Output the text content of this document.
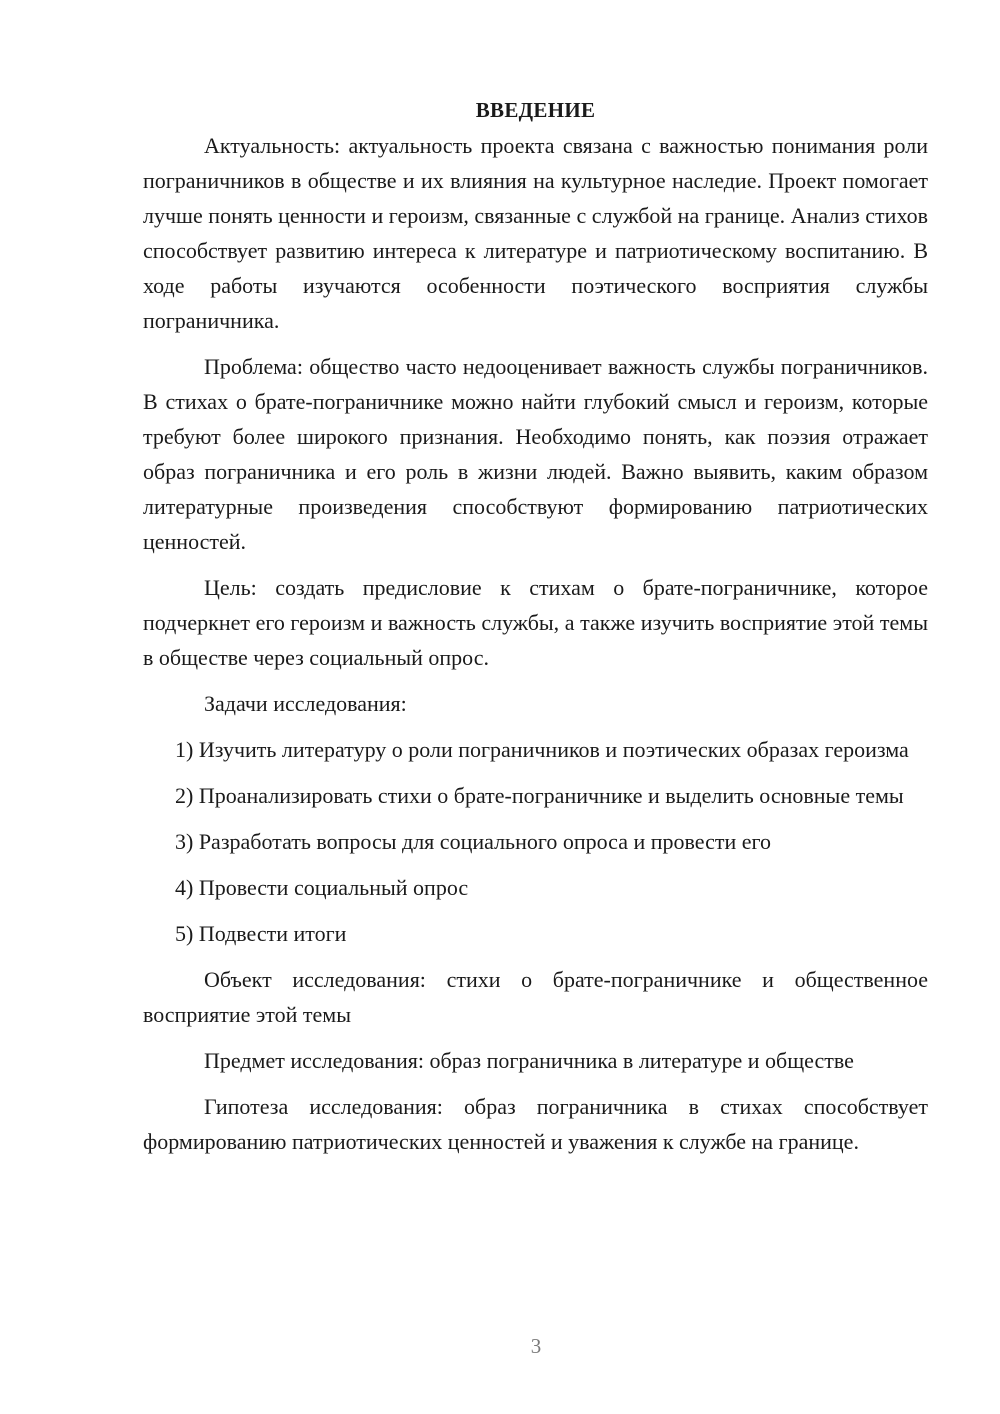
ВВЕДЕНИЕ

Актуальность: актуальность проекта связана с важностью понимания роли пограничников в обществе и их влияния на культурное наследие. Проект помогает лучше понять ценности и героизм, связанные с службой на границе. Анализ стихов способствует развитию интереса к литературе и патриотическому воспитанию. В ходе работы изучаются особенности поэтического восприятия службы пограничника.

Проблема: общество часто недооценивает важность службы пограничников. В стихах о брате-пограничнике можно найти глубокий смысл и героизм, которые требуют более широкого признания. Необходимо понять, как поэзия отражает образ пограничника и его роль в жизни людей. Важно выявить, каким образом литературные произведения способствуют формированию патриотических ценностей.

Цель: создать предисловие к стихам о брате-пограничнике, которое подчеркнет его героизм и важность службы, а также изучить восприятие этой темы в обществе через социальный опрос.

Задачи исследования:

1) Изучить литературу о роли пограничников и поэтических образах героизма

2) Проанализировать стихи о брате-пограничнике и выделить основные темы

3) Разработать вопросы для социального опроса и провести его

4) Провести социальный опрос

5) Подвести итоги

Объект исследования: стихи о брате-пограничнике и общественное восприятие этой темы

Предмет исследования: образ пограничника в литературе и обществе

Гипотеза исследования: образ пограничника в стихах способствует формированию патриотических ценностей и уважения к службе на границе.

3
